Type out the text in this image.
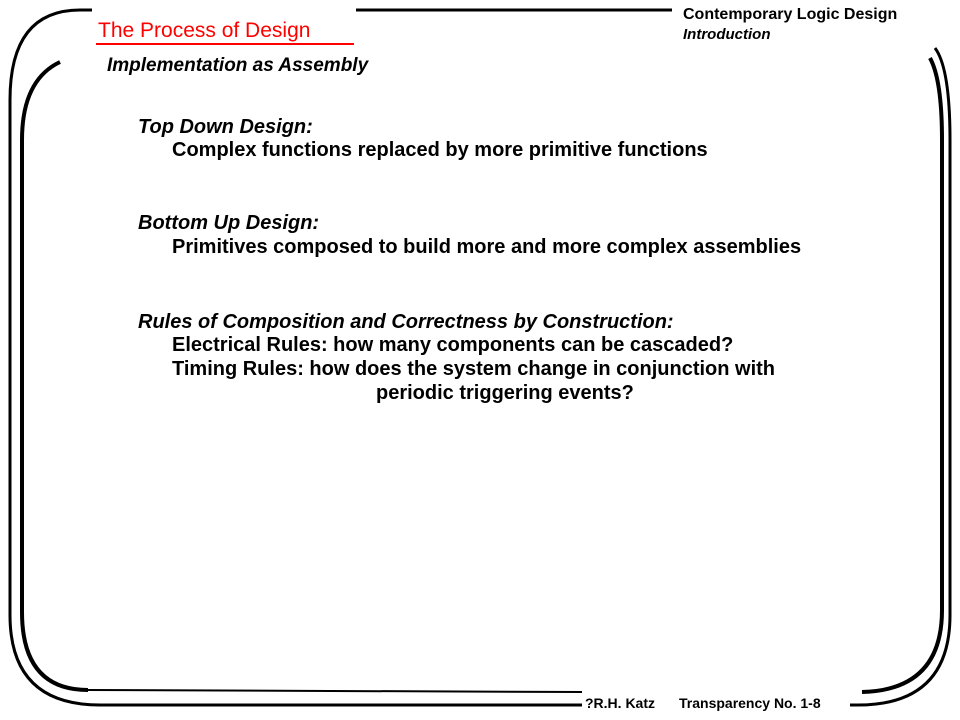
The Process of Design
Implementation as Assembly
Contemporary Logic Design
Introduction
Top Down Design:
Complex functions replaced by more primitive functions
Bottom Up Design:
Primitives composed to build more and more complex assemblies
Rules of Composition and Correctness by Construction:
Electrical Rules: how many components can be cascaded?
Timing Rules: how does the system change in conjunction with
periodic triggering events?
?R.H. Katz Transparency No. 1-8
